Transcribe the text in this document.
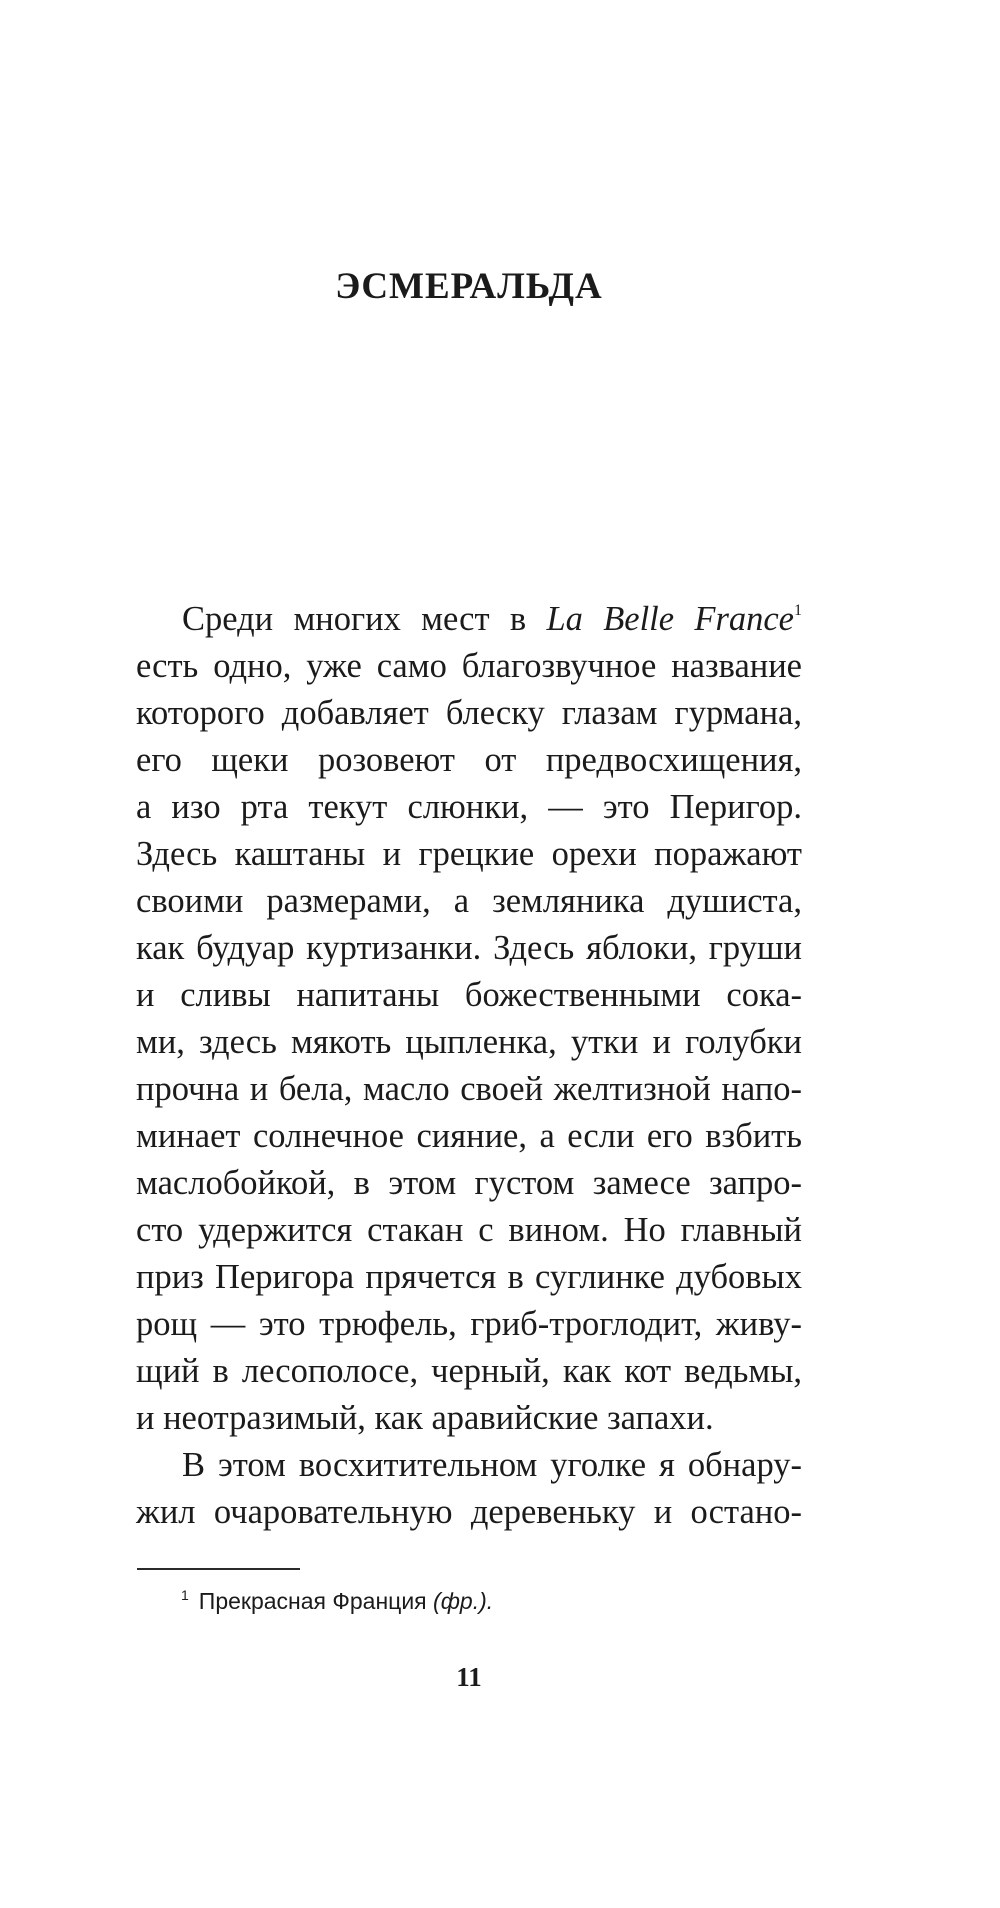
ЭСМЕРАЛЬДА
Среди многих мест в La Belle France$^1$
есть одно, уже само благозвучное название
которого добавляет блеску глазам гурмана,
его щеки розовеют от предвосхищения,
а изо рта текут слюнки, — это Перигор.
Здесь каштаны и грецкие орехи поражают
своими размерами, а земляника душиста,
как будуар куртизанки. Здесь яблоки, груши
и сливы напитаны божественными сока-
ми, здесь мякоть цыпленка, утки и голубки
прочна и бела, масло своей желтизной напо-
минает солнечное сияние, а если его взбить
маслобойкой, в этом густом замесе запро-
сто удержится стакан с вином. Но главный
приз Перигора прячется в суглинке дубовых
рощ — это трюфель, гриб-троглодит, живу-
щий в лесополосе, черный, как кот ведьмы,
и неотразимый, как аравийские запахи.
В этом восхитительном уголке я обнару-
жил очаровательную деревеньку и остано-
$^1$ Прекрасная Франция (фр.).
11
